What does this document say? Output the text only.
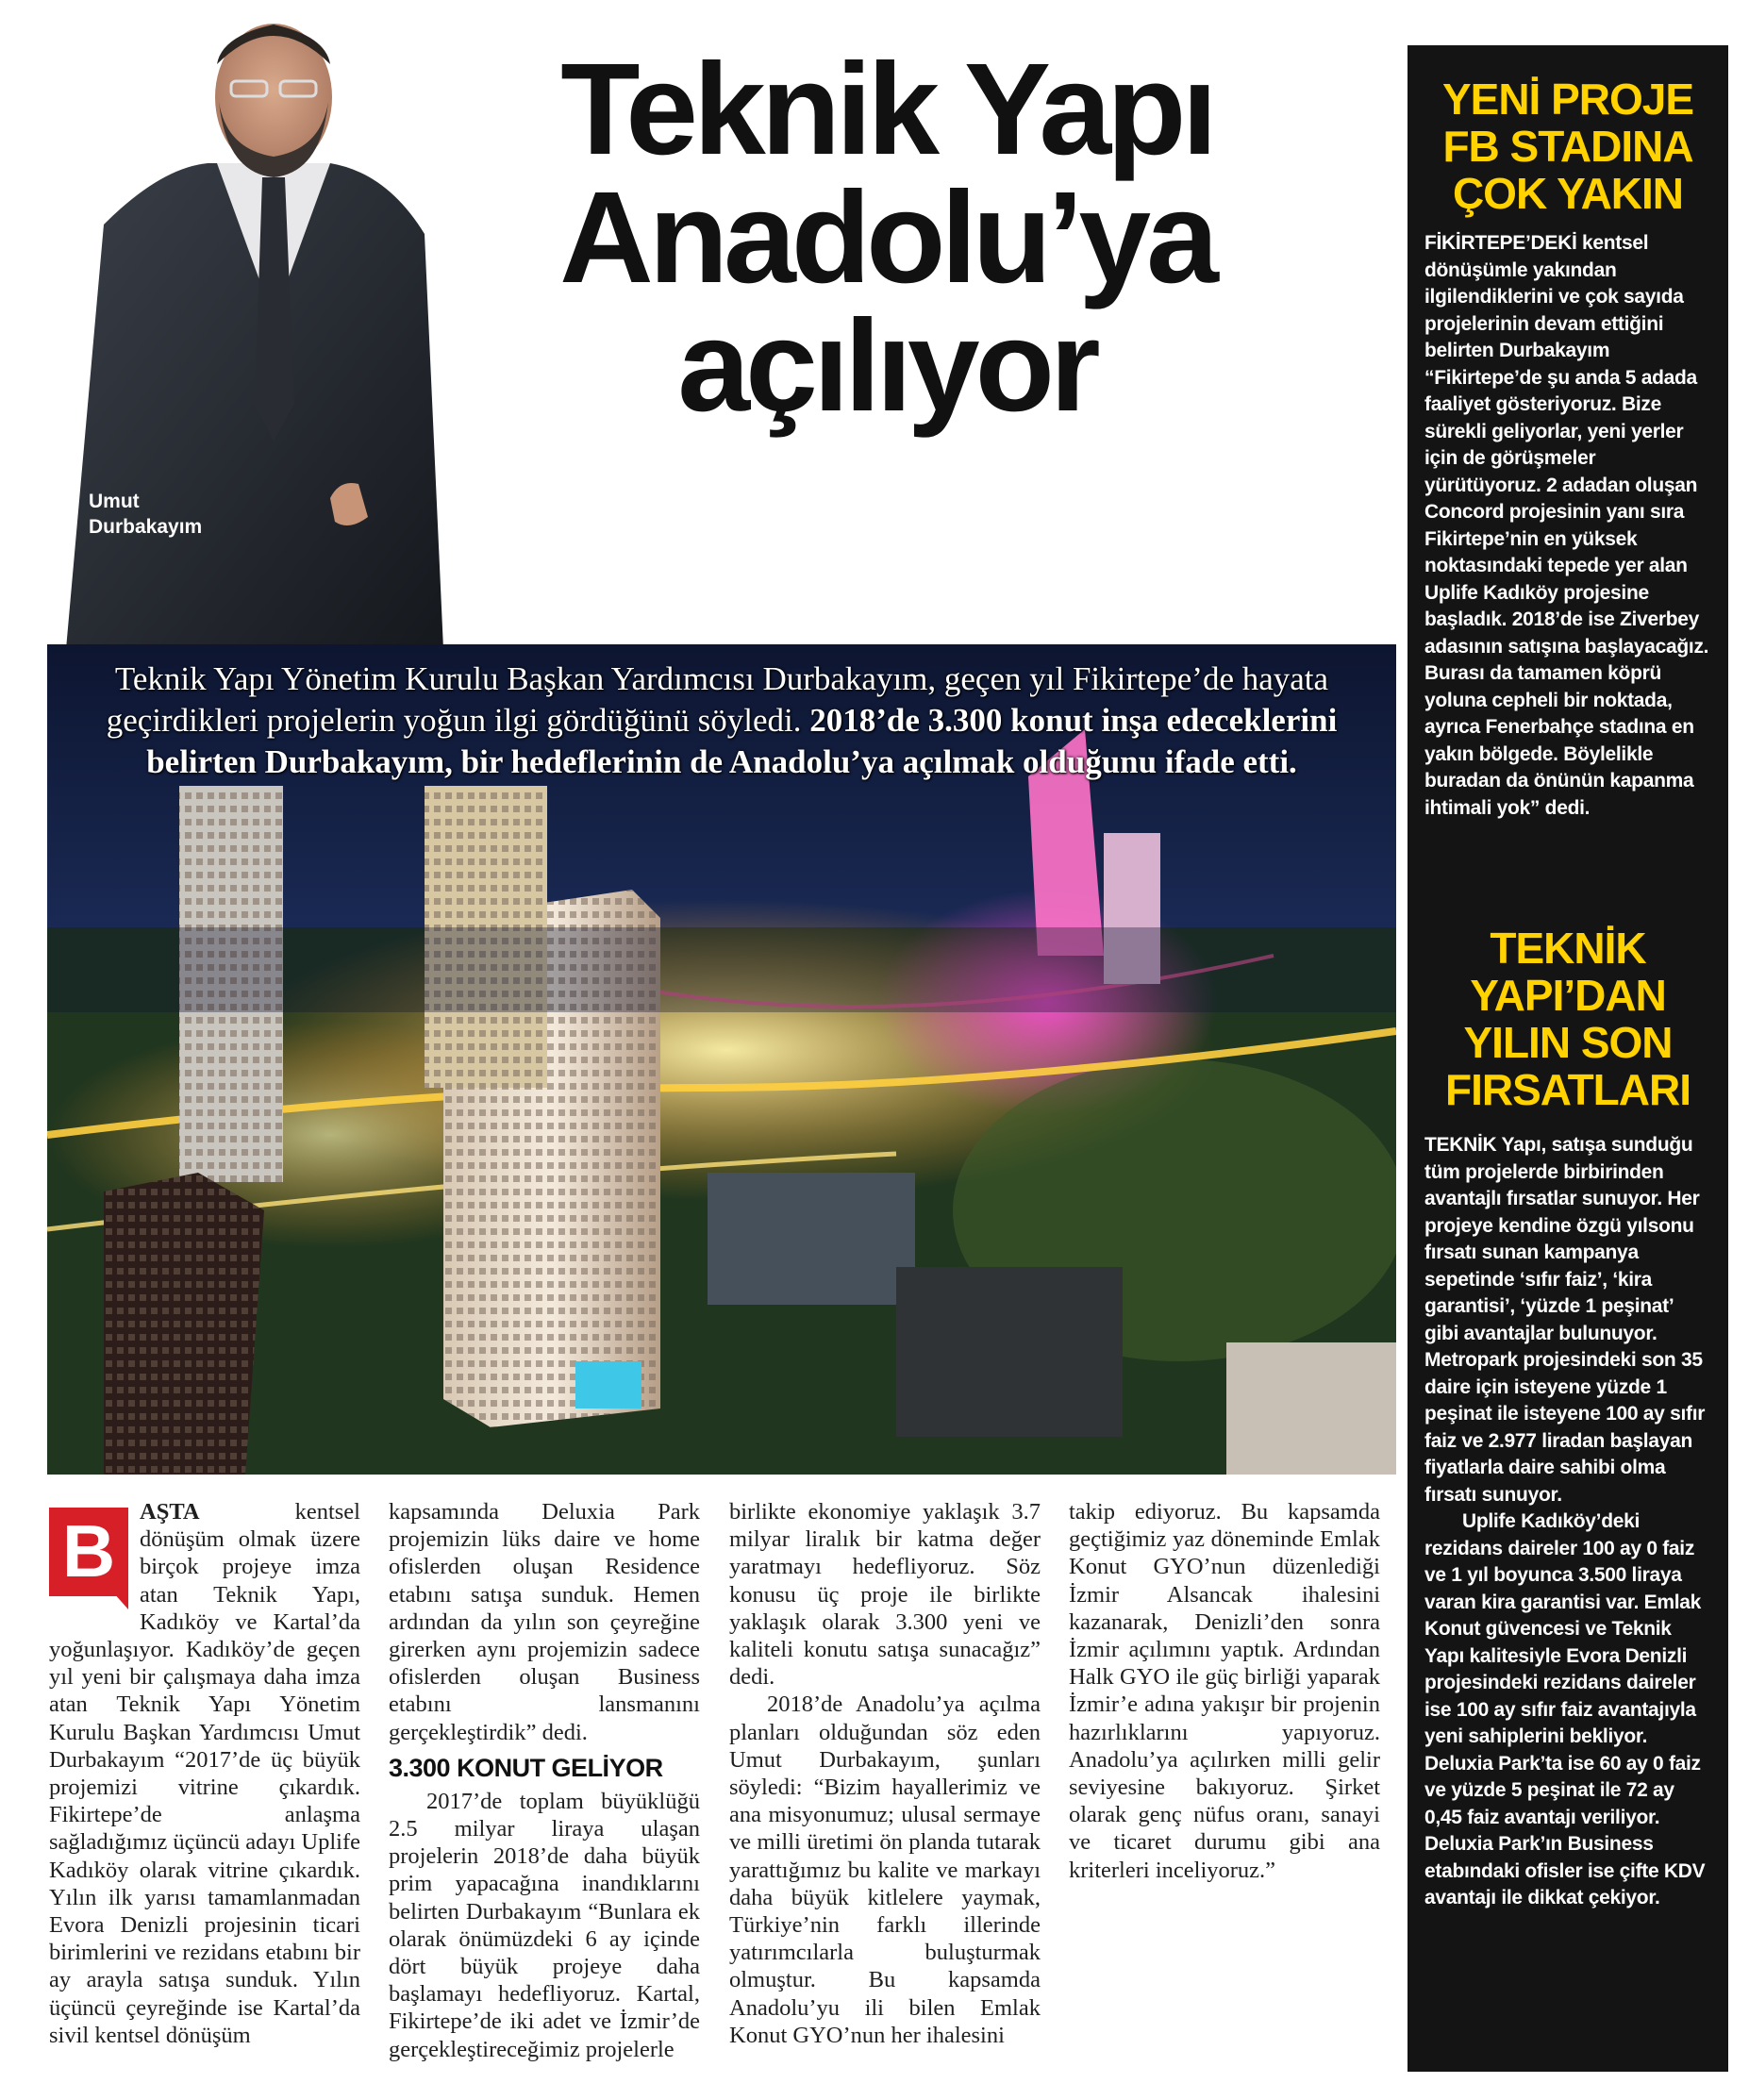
Umut
Durbakayım
Teknik Yapı
Anadolu’ya
açılıyor
Teknik Yapı Yönetim Kurulu Başkan Yardımcısı Durbakayım, geçen yıl Fikirtepe’de hayata geçirdikleri projelerin yoğun ilgi gördüğünü söyledi. 2018’de 3.300 konut inşa edeceklerini belirten Durbakayım, bir hedeflerinin de Anadolu’ya açılmak olduğunu ifade etti.
B	AŞTA kentsel dönüşüm olmak üzere birçok projeye imza atan Teknik Yapı, Kadıköy ve Kartal’da yoğunlaşıyor. Kadıköy’de geçen yıl yeni bir çalışmaya daha imza atan Teknik Yapı Yönetim Kurulu Başkan Yardımcısı Umut Durbakayım “2017’de üç büyük projemizi vitrine çıkardık. Fikirtepe’de anlaşma sağladığımız üçüncü adayı Uplife Kadıköy olarak vitrine çıkardık. Yılın ilk yarısı tamamlanmadan Evora Denizli projesinin ticari birimlerini ve rezidans etabını bir ay arayla satışa sunduk. Yılın üçüncü çeyreğinde ise Kartal’da sivil kentsel dönüşüm

kapsamında Deluxia Park projemizin lüks daire ve home ofislerden oluşan Residence etabını satışa sunduk. Hemen ardından da yılın son çeyreğine girerken aynı projemizin sadece ofislerden oluşan Business etabını lansmanını gerçekleştirdik” dedi.

3.300 KONUT GELİYOR

2017’de toplam büyüklüğü 2.5 milyar liraya ulaşan projelerin 2018’de daha büyük prim yapacağına inandıklarını belirten Durbakayım “Bunlara ek olarak önümüzdeki 6 ay içinde dört büyük projeye daha başlamayı hedefliyoruz. Kartal, Fikirtepe’de iki adet ve İzmir’de gerçekleştireceğimiz projelerle

birlikte ekonomiye yaklaşık 3.7 milyar liralık bir katma değer yaratmayı hedefliyoruz. Söz konusu üç proje ile birlikte yaklaşık olarak 3.300 yeni ve kaliteli konutu satışa sunacağız” dedi.

2018’de Anadolu’ya açılma planları olduğundan söz eden Umut Durbakayım, şunları söyledi: “Bizim hayallerimiz ve ana misyonumuz; ulusal sermaye ve milli üretimi ön planda tutarak yarattığımız bu kalite ve markayı daha büyük kitlelere yaymak, Türkiye’nin farklı illerinde yatırımcılarla buluşturmak olmuştur. Bu kapsamda Anadolu’yu ili bilen Emlak Konut GYO’nun her ihalesini

YENİ PROJE
FB STADINA
ÇOK YAKIN

FİKİRTEPE’DEKİ kentsel dönüşümle yakından ilgilendiklerini ve çok sayıda projelerinin devam ettiğini belirten Durbakayım “Fikirtepe’de şu anda 5 adada faaliyet gösteriyoruz. Bize sürekli geliyorlar, yeni yerler için de görüşmeler yürütüyoruz. 2 adadan oluşan Concord projesinin yanı sıra Fikirtepe’nin en yüksek noktasındaki tepede yer alan Uplife Kadıköy projesine başladık. 2018’de ise Ziverbey adasının satışına başlayacağız. Burası da tamamen köprü yoluna cepheli bir noktada, ayrıca Fenerbahçe stadına en yakın bölgede. Böylelikle buradan da önünün kapanma ihtimali yok” dedi.

TEKNİK
YAPI’DAN
YILIN SON
FIRSATLARI

TEKNİK Yapı, satışa sunduğu tüm projelerde birbirinden avantajlı fırsatlar sunuyor. Her projeye kendine özgü yılsonu fırsatı sunan kampanya sepetinde ‘sıfır faiz’, ‘kira garantisi’, ‘yüzde 1 peşinat’ gibi avantajlar bulunuyor. Metropark projesindeki son 35 daire için isteyene yüzde 1 peşinat ile isteyene 100 ay sıfır faiz ve 2.977 liradan başlayan fiyatlarla daire sahibi olma fırsatı sunuyor.

Uplife Kadıköy’deki rezidans daireler 100 ay 0 faiz ve 1 yıl boyunca 3.500 liraya varan kira garantisi var. Emlak Konut güvencesi ve Teknik Yapı kalitesiyle Evora Denizli projesindeki rezidans daireler ise 100 ay sıfır faiz avantajıyla yeni sahiplerini bekliyor. Deluxia Park’ta ise 60 ay 0 faiz ve yüzde 5 peşinat ile 72 ay 0,45 faiz avantajı veriliyor. Deluxia Park’ın Business etabındaki ofisler ise çifte KDV avantajı ile dikkat çekiyor.

takip ediyoruz. Bu kapsamda geçtiğimiz yaz döneminde Emlak Konut GYO’nun düzenlediği İzmir Alsancak ihalesini kazanarak, Denizli’den sonra İzmir açılımını yaptık. Ardından Halk GYO ile güç birliği yaparak İzmir’e adına yakışır bir projenin hazırlıklarını yapıyoruz. Anadolu’ya açılırken milli gelir seviyesine bakıyoruz. Şirket olarak genç nüfus oranı, sanayi ve ticaret durumu gibi ana kriterleri inceliyoruz.”
